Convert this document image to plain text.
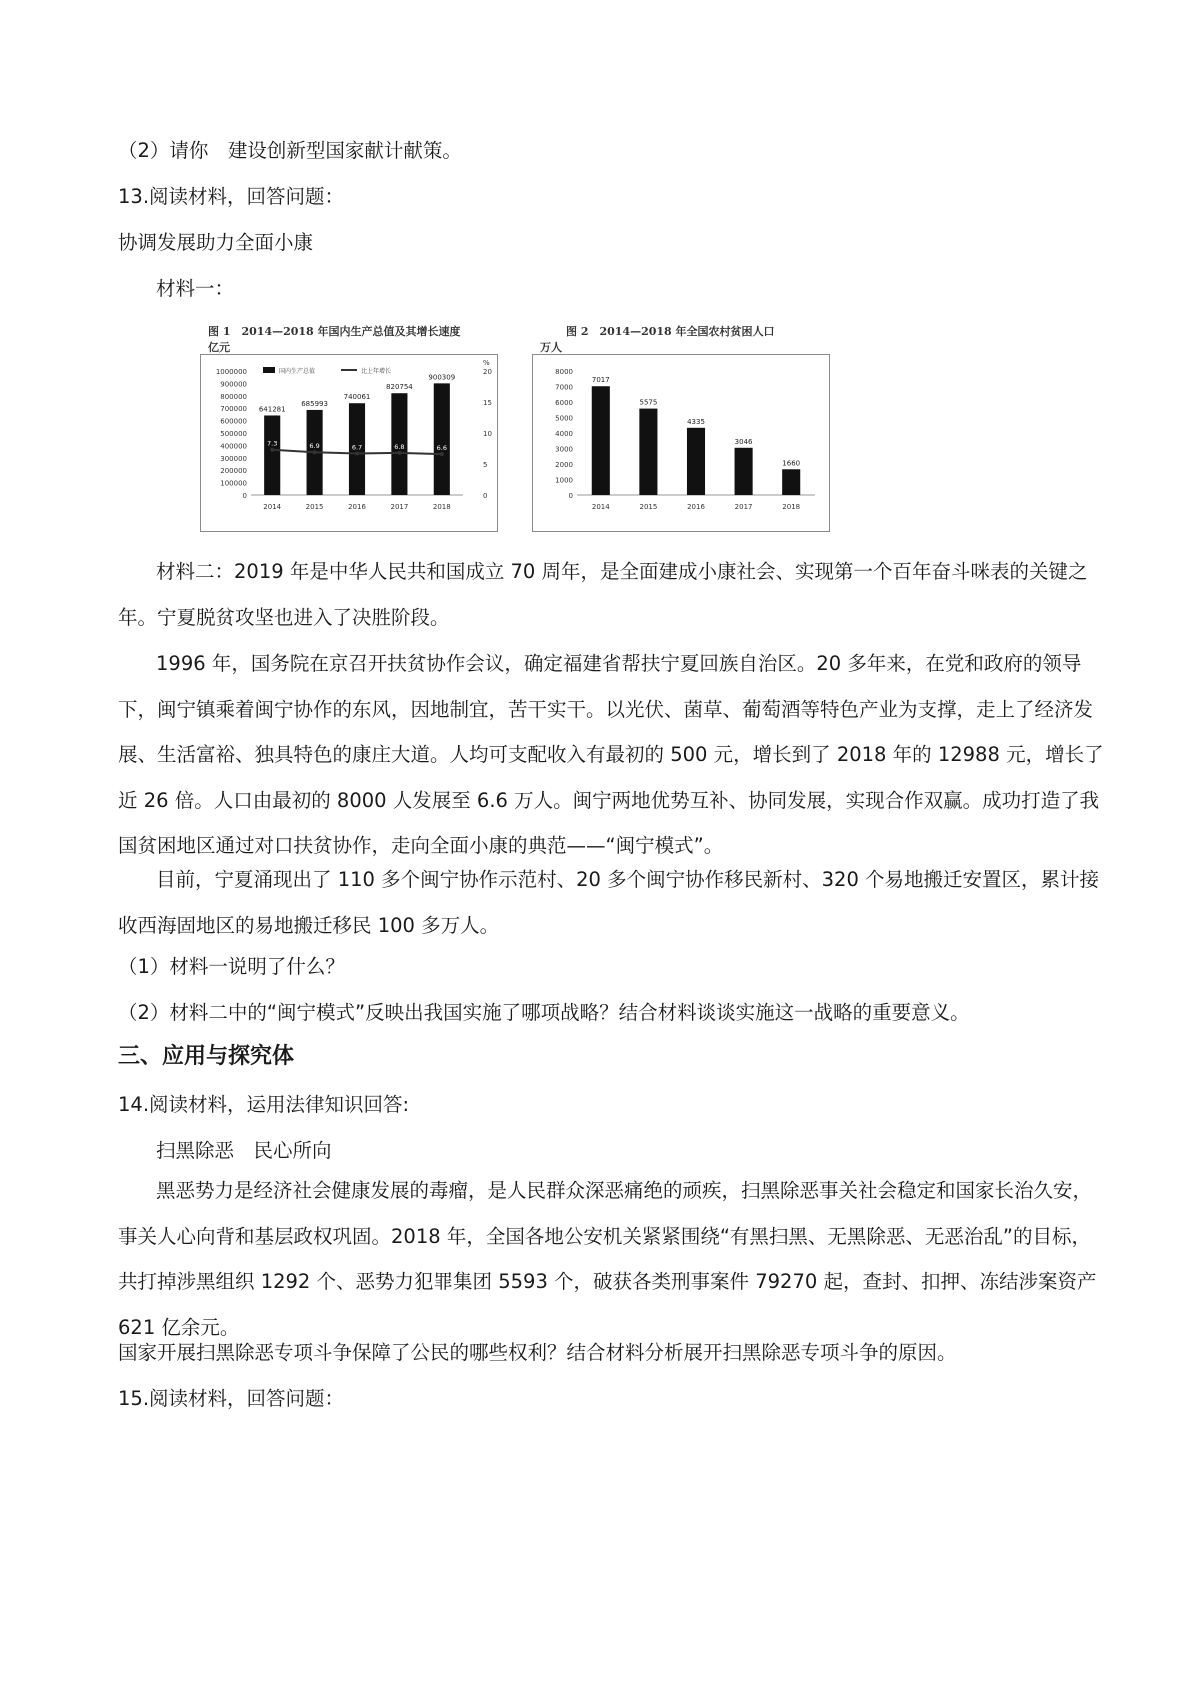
（2）请你　建设创新型国家献计献策。
13.阅读材料，回答问题：
协调发展助力全面小康
材料一：
图 1　2014—2018 年国内生产总值及其增长速度
亿元
1000000
900000
800000
700000
600000
500000
400000
300000
200000
100000
0
641281
2014
685993
2015
740061
2016
820754
2017
900309
2018
国内生产总值	比上年增长	20
15
10
5
0
%
7.3	6.9	6.7	6.8	6.6
图 2　2014—2018 年全国农村贫困人口
万人
8000
7000
6000
5000
4000
3000
2000
1000
0
7017
2014
5575
2015
4335
2016
3046
2017
1660
2018
材料二：2019 年是中华人民共和国成立 70 周年，是全面建成小康社会、实现第一个百年奋斗咪表的关键之年。宁夏脱贫攻坚也进入了决胜阶段。
1996 年，国务院在京召开扶贫协作会议，确定福建省帮扶宁夏回族自治区。20 多年来，在党和政府的领导下，闽宁镇乘着闽宁协作的东风，因地制宜，苦干实干。以光伏、菌草、葡萄酒等特色产业为支撑，走上了经济发展、生活富裕、独具特色的康庄大道。人均可支配收入有最初的 500 元，增长到了 2018 年的 12988 元，增长了近 26 倍。人口由最初的 8000 人发展至 6.6 万人。闽宁两地优势互补、协同发展，实现合作双赢。成功打造了我国贫困地区通过对口扶贫协作，走向全面小康的典范——“闽宁模式”。
目前，宁夏涌现出了 110 多个闽宁协作示范村、20 多个闽宁协作移民新村、320 个易地搬迁安置区，累计接收西海固地区的易地搬迁移民 100 多万人。
（1）材料一说明了什么？
（2）材料二中的“闽宁模式”反映出我国实施了哪项战略？结合材料谈谈实施这一战略的重要意义。
三、应用与探究体
14.阅读材料，运用法律知识回答:
扫黑除恶　民心所向
黑恶势力是经济社会健康发展的毒瘤，是人民群众深恶痛绝的顽疾，扫黑除恶事关社会稳定和国家长治久安，事关人心向背和基层政权巩固。2018 年，全国各地公安机关紧紧围绕“有黑扫黑、无黑除恶、无恶治乱”的目标，共打掉涉黑组织 1292 个、恶势力犯罪集团 5593 个，破获各类刑事案件 79270 起，查封、扣押、冻结涉案资产 621 亿余元。
国家开展扫黑除恶专项斗争保障了公民的哪些权利？结合材料分析展开扫黑除恶专项斗争的原因。
15.阅读材料，回答问题：
